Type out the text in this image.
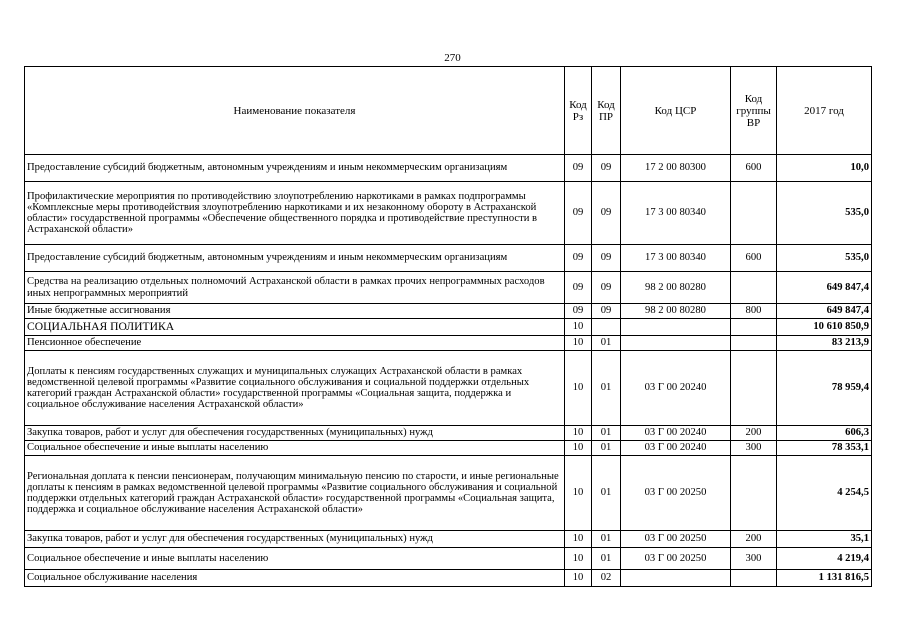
270
Наименование показателя	Код Рз	Код ПР	Код ЦСР	Код группы ВР	2017 год
Предоставление субсидий бюджетным, автономным учреждениям и иным некоммерческим организациям	09	09	17 2 00 80300	600	10,0
Профилактические мероприятия по противодействию злоупотреблению наркотиками в рамках подпрограммы «Комплексные меры противодействия злоупотреблению наркотиками и их незаконному обороту в Астраханской области» государственной программы «Обеспечение общественного порядка и противодействие преступности в Астраханской области»	09	09	17 3 00 80340		535,0
Предоставление субсидий бюджетным, автономным учреждениям и иным некоммерческим организациям	09	09	17 3 00 80340	600	535,0
Средства на реализацию отдельных полномочий Астраханской области в рамках прочих непрограммных расходов иных непрограммных мероприятий	09	09	98 2 00 80280		649 847,4
Иные бюджетные ассигнования	09	09	98 2 00 80280	800	649 847,4
СОЦИАЛЬНАЯ ПОЛИТИКА	10				10 610 850,9
Пенсионное обеспечение	10	01			83 213,9
Доплаты к пенсиям государственных служащих и муниципальных служащих Астраханской области в рамках ведомственной целевой программы «Развитие социального обслуживания и социальной поддержки отдельных категорий граждан Астраханской области» государственной программы «Социальная защита, поддержка и социальное обслуживание населения Астраханской области»	10	01	03 Г 00 20240		78 959,4
Закупка товаров, работ и услуг для обеспечения государственных (муниципальных) нужд	10	01	03 Г 00 20240	200	606,3
Социальное обеспечение и иные выплаты населению	10	01	03 Г 00 20240	300	78 353,1
Региональная доплата к пенсии пенсионерам, получающим минимальную пенсию по старости, и иные региональные доплаты к пенсиям в рамках ведомственной целевой программы «Развитие социального обслуживания и социальной поддержки отдельных категорий граждан Астраханской области» государственной программы «Социальная защита, поддержка и социальное обслуживание населения Астраханской области»	10	01	03 Г 00 20250		4 254,5
Закупка товаров, работ и услуг для обеспечения государственных (муниципальных) нужд	10	01	03 Г 00 20250	200	35,1
Социальное обеспечение и иные выплаты населению	10	01	03 Г 00 20250	300	4 219,4
Социальное обслуживание населения	10	02			1 131 816,5
